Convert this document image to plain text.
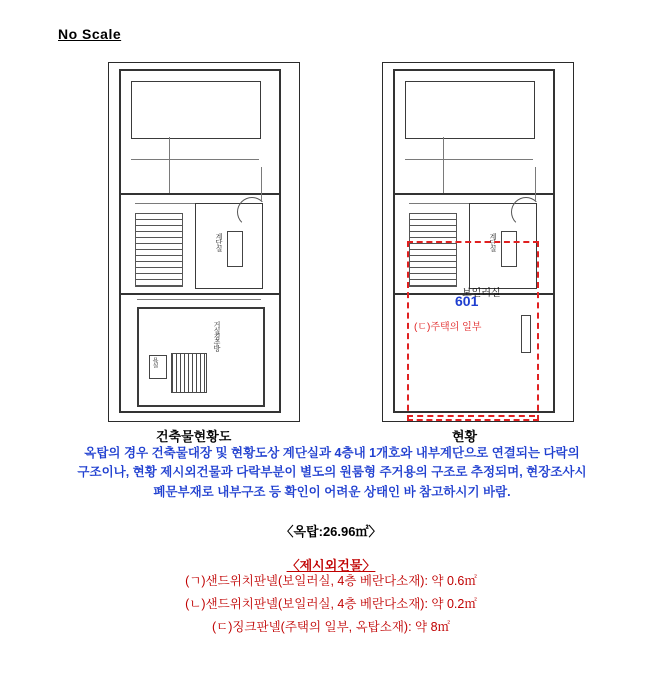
No Scale
계단실
거실겸주방
욕실
계단실
601
보일러실
(ㄷ)주택의 일부
건축물현황도	현황
옥탑의 경우 건축물대장 및 현황도상 계단실과 4층내 1개호와 내부계단으로 연결되는 다락의
구조이나, 현황 제시외건물과 다락부분이 별도의 원룸형 주거용의 구조로 추정되며, 현장조사시
폐문부재로 내부구조 등 확인이 어려운 상태인 바 참고하시기 바람.
〈옥탑:26.96㎡〉
〈제시외건물〉
(ㄱ)샌드위치판넬(보일러실, 4층 베란다소재): 약 0.6㎡
(ㄴ)샌드위치판넬(보일러실, 4층 베란다소재): 약 0.2㎡
(ㄷ)징크판넬(주택의 일부, 옥탑소재): 약 8㎡
